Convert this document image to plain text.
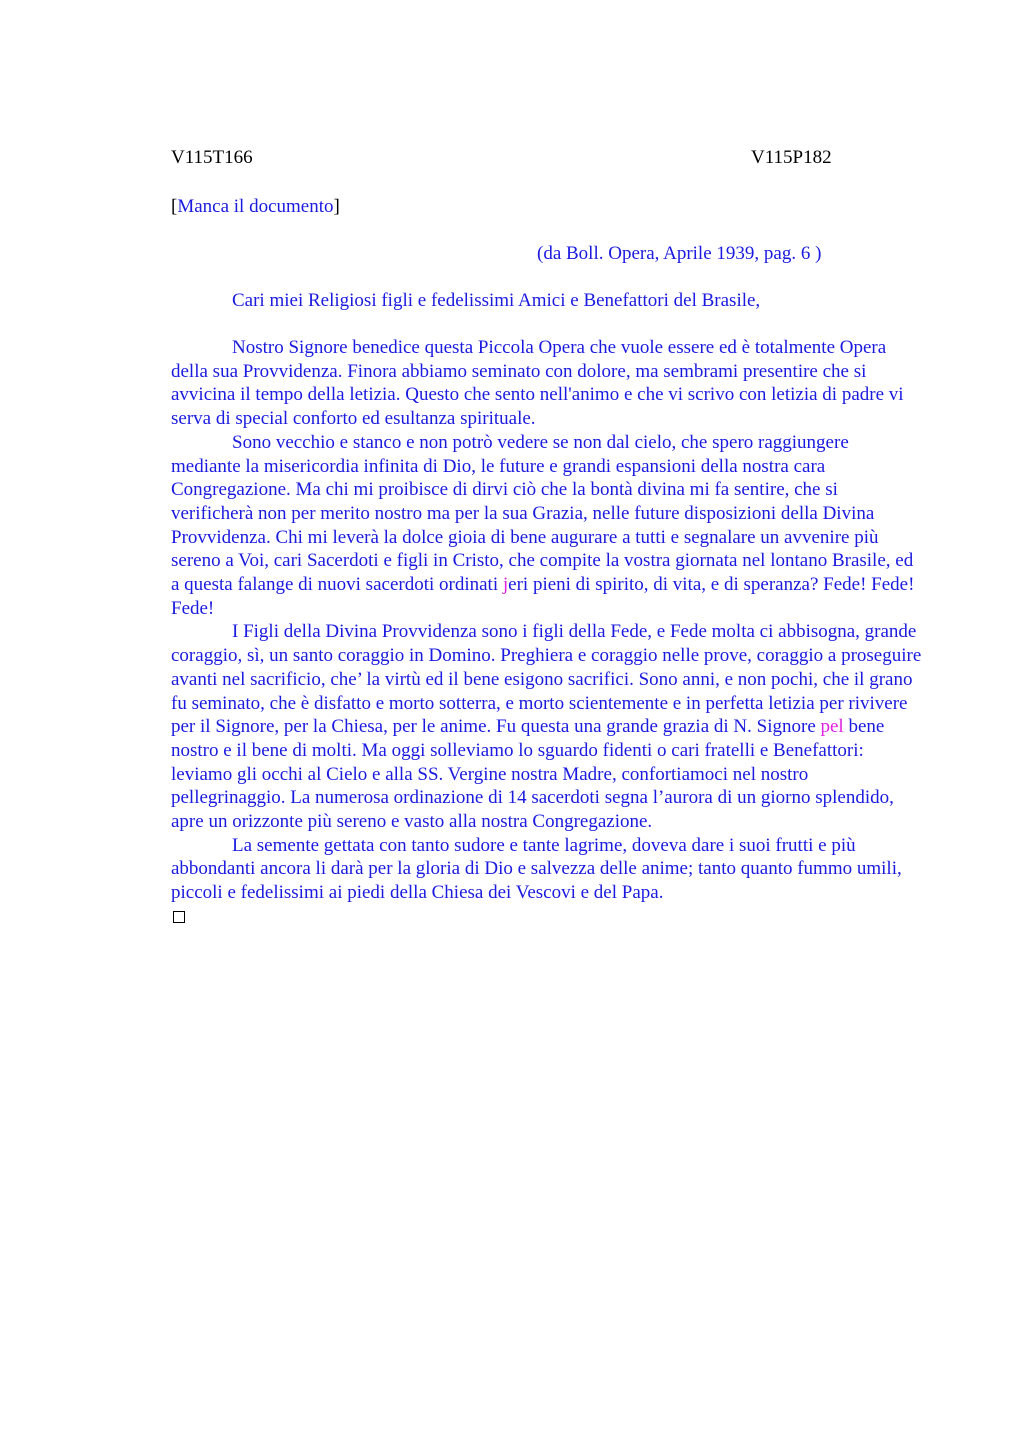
V115T166	V115P182
[Manca il documento]
(da Boll. Opera, Aprile 1939, pag. 6 )
Cari miei Religiosi figli e fedelissimi Amici e Benefattori del Brasile,

Nostro Signore benedice questa Piccola Opera che vuole essere ed è totalmente Opera della sua Provvidenza. Finora abbiamo seminato con dolore, ma sembrami presentire che si avvicina il tempo della letizia. Questo che sento nell'animo e che vi scrivo con letizia di padre vi serva di special conforto ed esultanza spirituale.

Sono vecchio e stanco e non potrò vedere se non dal cielo, che spero raggiungere mediante la misericordia infinita di Dio, le future e grandi espansioni della nostra cara Congregazione. Ma chi mi proibisce di dirvi ciò che la bontà divina mi fa sentire, che si verificherà non per merito nostro ma per la sua Grazia, nelle future disposizioni della Divina Provvidenza. Chi mi leverà la dolce gioia di bene augurare a tutti e segnalare un avvenire più sereno a Voi, cari Sacerdoti e figli in Cristo, che compite la vostra giornata nel lontano Brasile, ed a questa falange di nuovi sacerdoti ordinati jeri pieni di spirito, di vita, e di speranza? Fede! Fede! Fede!

I Figli della Divina Provvidenza sono i figli della Fede, e Fede molta ci abbisogna, grande coraggio, sì, un santo coraggio in Domino. Preghiera e coraggio nelle prove, coraggio a proseguire avanti nel sacrificio, che’ la virtù ed il bene esigono sacrifici. Sono anni, e non pochi, che il grano fu seminato, che è disfatto e morto sotterra, e morto scientemente e in perfetta letizia per rivivere per il Signore, per la Chiesa, per le anime. Fu questa una grande grazia di N. Signore pel bene nostro e il bene di molti. Ma oggi solleviamo lo sguardo fidenti o cari fratelli e Benefattori: leviamo gli occhi al Cielo e alla SS. Vergine nostra Madre, confortiamoci nel nostro pellegrinaggio. La numerosa ordinazione di 14 sacerdoti segna l’aurora di un giorno splendido, apre un orizzonte più sereno e vasto alla nostra Congregazione.

La semente gettata con tanto sudore e tante lagrime, doveva dare i suoi frutti e più abbondanti ancora li darà per la gloria di Dio e salvezza delle anime; tanto quanto fummo umili, piccoli e fedelissimi ai piedi della Chiesa dei Vescovi e del Papa.
